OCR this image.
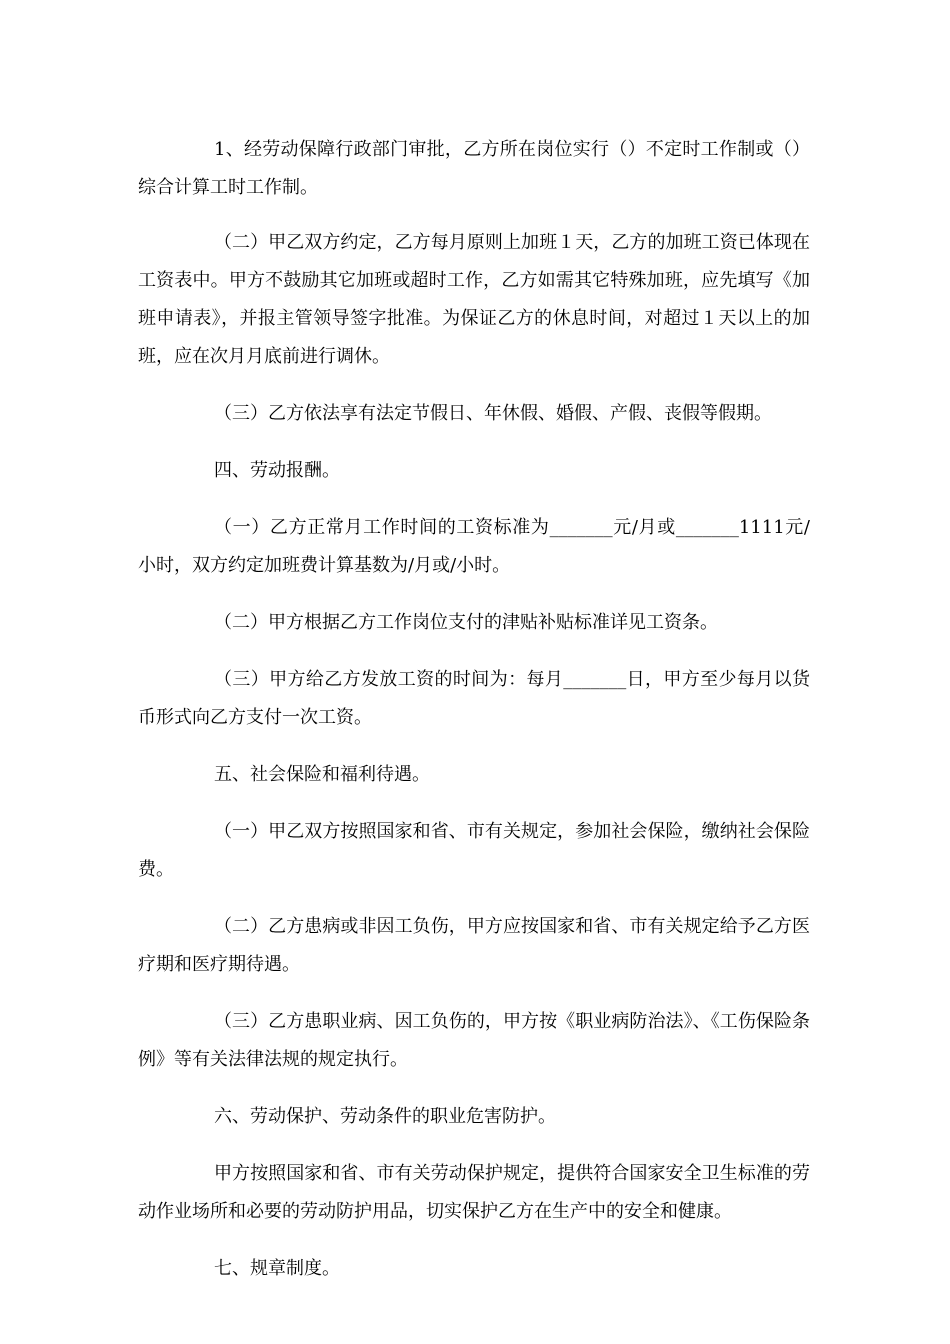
1、经劳动保障行政部门审批，乙方所在岗位实行（）不定时工作制或（）综合计算工时工作制。

（二）甲乙双方约定，乙方每月原则上加班１天，乙方的加班工资已体现在工资表中。甲方不鼓励其它加班或超时工作，乙方如需其它特殊加班，应先填写《加班申请表》，并报主管领导签字批准。为保证乙方的休息时间，对超过１天以上的加班，应在次月月底前进行调休。

（三）乙方依法享有法定节假日、年休假、婚假、产假、丧假等假期。

四、劳动报酬。

（一）乙方正常月工作时间的工资标准为_______元/月或_______1111元/小时，双方约定加班费计算基数为/月或/小时。

（二）甲方根据乙方工作岗位支付的津贴补贴标准详见工资条。

（三）甲方给乙方发放工资的时间为：每月_______日，甲方至少每月以货币形式向乙方支付一次工资。

五、社会保险和福利待遇。

（一）甲乙双方按照国家和省、市有关规定，参加社会保险，缴纳社会保险费。

（二）乙方患病或非因工负伤，甲方应按国家和省、市有关规定给予乙方医疗期和医疗期待遇。

（三）乙方患职业病、因工负伤的，甲方按《职业病防治法》、《工伤保险条例》等有关法律法规的规定执行。

六、劳动保护、劳动条件的职业危害防护。

甲方按照国家和省、市有关劳动保护规定，提供符合国家安全卫生标准的劳动作业场所和必要的劳动防护用品，切实保护乙方在生产中的安全和健康。

七、规章制度。
